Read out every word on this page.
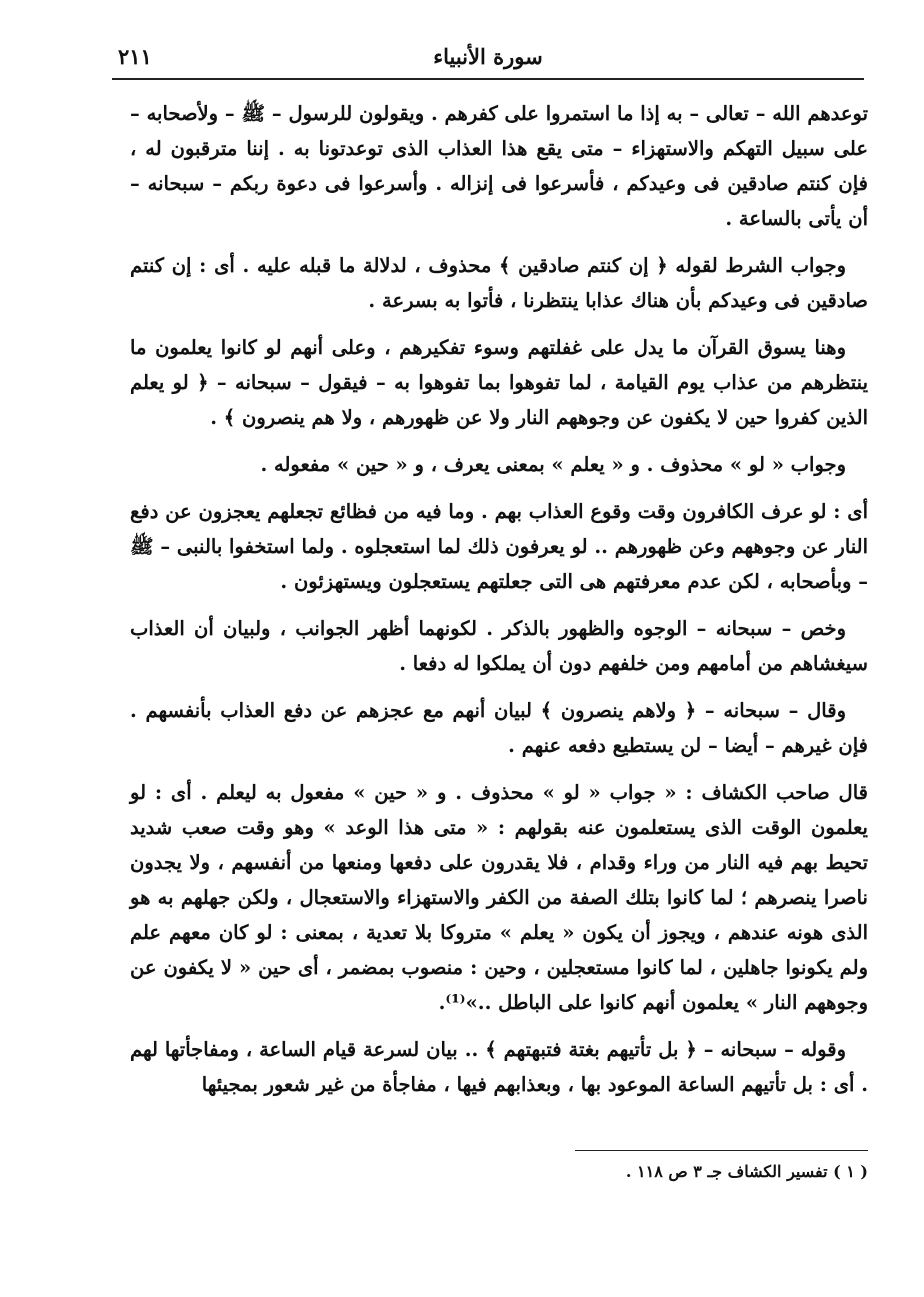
سورة الأنبياء
٢١١

توعدهم الله – تعالى – به إذا ما استمروا على كفرهم . ويقولون للرسول – ﷺ – ولأصحابه – على سبيل التهكم والاستهزاء – متى يقع هذا العذاب الذى توعدتونا به . إننا مترقبون له ، فإن كنتم صادقين فى وعيدكم ، فأسرعوا فى إنزاله . وأسرعوا فى دعوة ربكم – سبحانه – أن يأتى بالساعة .

وجواب الشرط لقوله ﴿ إن كنتم صادقين ﴾ محذوف ، لدلالة ما قبله عليه . أى : إن كنتم صادقين فى وعيدكم بأن هناك عذابا ينتظرنا ، فأتوا به بسرعة .

وهنا يسوق القرآن ما يدل على غفلتهم وسوء تفكيرهم ، وعلى أنهم لو كانوا يعلمون ما ينتظرهم من عذاب يوم القيامة ، لما تفوهوا بما تفوهوا به – فيقول – سبحانه – ﴿ لو يعلم الذين كفروا حين لا يكفون عن وجوههم النار ولا عن ظهورهم ، ولا هم ينصرون ﴾ .

وجواب « لو » محذوف . و « يعلم » بمعنى يعرف ، و « حين » مفعوله .

أى : لو عرف الكافرون وقت وقوع العذاب بهم . وما فيه من فظائع تجعلهم يعجزون عن دفع النار عن وجوههم وعن ظهورهم .. لو يعرفون ذلك لما استعجلوه . ولما استخفوا بالنبى – ﷺ – وبأصحابه ، لكن عدم معرفتهم هى التى جعلتهم يستعجلون ويستهزئون .

وخص – سبحانه – الوجوه والظهور بالذكر . لكونهما أظهر الجوانب ، ولبيان أن العذاب سيغشاهم من أمامهم ومن خلفهم دون أن يملكوا له دفعا .

وقال – سبحانه – ﴿ ولاهم ينصرون ﴾ لبيان أنهم مع عجزهم عن دفع العذاب بأنفسهم . فإن غيرهم – أيضا – لن يستطيع دفعه عنهم .

قال صاحب الكشاف : « جواب « لو » محذوف . و « حين » مفعول به ليعلم . أى : لو يعلمون الوقت الذى يستعلمون عنه بقولهم : « متى هذا الوعد » وهو وقت صعب شديد تحيط بهم فيه النار من وراء وقدام ، فلا يقدرون على دفعها ومنعها من أنفسهم ، ولا يجدون ناصرا ينصرهم ؛ لما كانوا بتلك الصفة من الكفر والاستهزاء والاستعجال ، ولكن جهلهم به هو الذى هونه عندهم ، ويجوز أن يكون « يعلم » متروكا بلا تعدية ، بمعنى : لو كان معهم علم ولم يكونوا جاهلين ، لما كانوا مستعجلين ، وحين : منصوب بمضمر ، أى حين « لا يكفون عن وجوههم النار » يعلمون أنهم كانوا على الباطل ..»⁽¹⁾.

وقوله – سبحانه – ﴿ بل تأتيهم بغتة فتبهتهم ﴾ .. بيان لسرعة قيام الساعة ، ومفاجأتها لهم . أى : بل تأتيهم الساعة الموعود بها ، وبعذابهم فيها ، مفاجأة من غير شعور بمجيئها

( ١ ) تفسير الكشاف جـ ٣ ص ١١٨ .
